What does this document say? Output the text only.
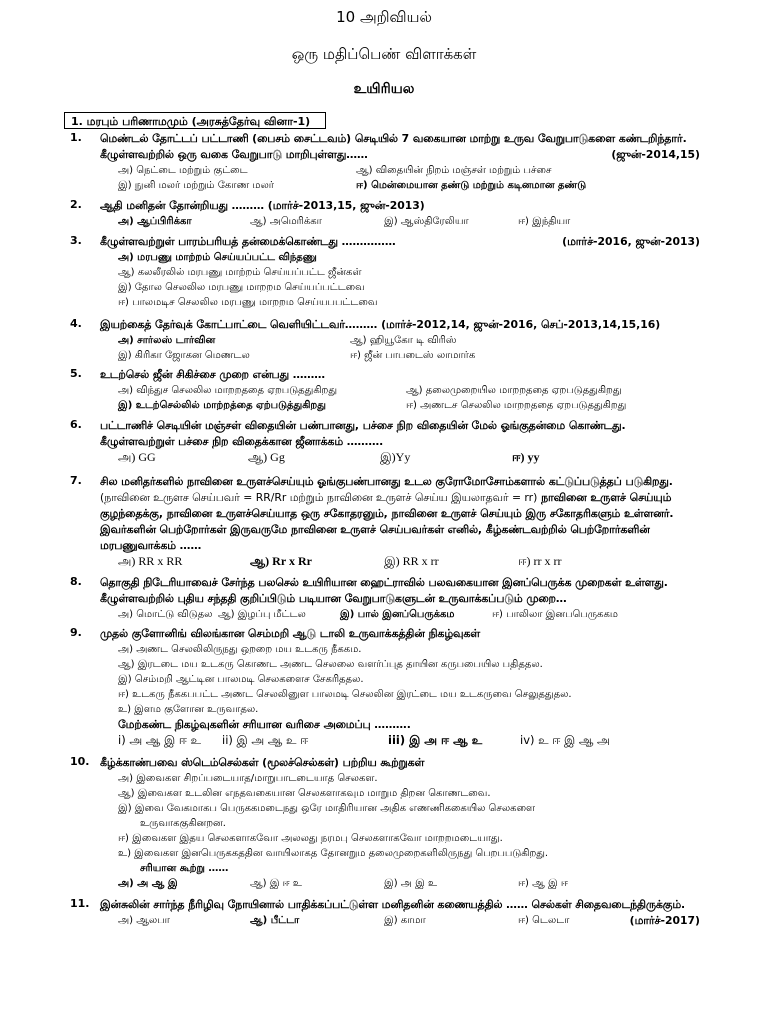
10 அறிவியல்
ஒரு மதிப்பெண் விளாக்கள்
உயிரியல
1. மரபும் பரிணாமமும் (அரசுத்தேர்வு வினா-1)
1. மெண்டல் தோட்டப் பட்டாணி (பைசம் சைட்டவம்) செடியில் 7 வகையான மாற்று உருவ வேறுபாடுகளை கண்டறிந்தார். கீழுள்ளவற்றில் ஒரு வகை வேறுபாடு மாறிபுள்ளது……	(ஜுன்-2014,15)
அ) நெட்டை மற்றும் குட்டை	ஆ) விதையின் நிறம் மஞ்சள் மற்றும் பச்சை
இ) நுனி மலர் மற்றும் கோண மலர்	ஈ) மென்மையான தண்டு மற்றும் கடினமான தண்டு
2. ஆதி மனிதன் தோன்றியது ……… (மார்ச்-2013,15, ஜுன்-2013)
அ) ஆப்பிரிக்கா	ஆ) அமெரிக்கா	இ) ஆஸ்திரேலியா	ஈ) இந்தியா
3. கீழுள்ளவற்றுள் பாரம்பரியத் தன்மைக்கொண்டது ……………	(மார்ச்-2016, ஜுன்-2013)
அ) மரபணு மாற்றம் செய்யப்பட்ட விந்தணு
ஆ) கலலீரலில் மரபணு மாற்றம் செய்யப்பட்ட ஜீன்கள்
இ) தோல செலலில மரபணு மாறறம செய்யப்பட்டவை
ஈ) பாலமடிச செலலில மரபணு மாறறம செய்யபபட்டவை
4. இயற்கைத் தேர்வுக் கோட்பாட்டை வெளியிட்டவர்……… (மார்ச்-2012,14, ஜுன்-2016, செப்-2013,14,15,16)
அ) சார்லஸ் டார்வின	ஆ) ஹியூகோ டி விரிஸ்
இ) கிரிகா ஜோகன மெணடல	ஈ) ஜீன் பாபடைஸ் லாமார்க
5. உடற்செல் ஜீன் சிகிச்சை முறை என்பது ………
அ) விந்துச செலலில மாறறததை ஏறபடுததுகிறது	ஆ) தலைமுறையில மாறறததை ஏறபடுததுகிறது
இ) உடற்செல்லில் மாற்றத்தை ஏற்படுத்துகிறது	ஈ) அணடச செலலில மாறறததை ஏறபடுததுகிறது
6. பட்டாணிச் செடியின் மஞ்சள் விதையின் பண்பானது, பச்சை நிற விதையின் மேல் ஓங்குதன்மை கொண்டது. கீழுள்ளவற்றுள் பச்சை நிற விதைக்கான ஜீனாக்கம் ……….
அ) GG	ஆ) Gg	இ)Yy	ஈ) yy
7. சில மனிதர்களில் நாவினை உருளச்செய்யும் ஓங்குபண்பானது உடல குரோமோசோம்களால் கட்டுப்படுத்தப் படுகிறது. (நாவினை உருளச செய்பவர் = RR/Rr மற்றும் நாவினை உருளச் செய்ய இயலாதவர் = rr) நாவினை உருளச் செய்யும் குழந்தைக்கு, நாவினை உருளச்செய்யாத ஒரு சகோதரனும், நாவினை உருளச் செய்யும் இரு சகோதரிகளும் உள்ளனர். இவர்களின் பெற்றோர்கள் இருவருமே நாவினை உருளச் செய்பவர்கள் எனில், கீழ்கண்டவற்றில் பெற்றோர்களின் மரபணுவாக்கம் ……
அ) RR x RR	ஆ) Rr x Rr	இ) RR x rr	ஈ) rr x rr
8. தொகுதி நிடேரியாவைச் சேர்ந்த பலசெல் உயிரியான ஹைட்ராவில் பலவகையான இனப்பெருக்க முறைகள் உள்ளது. கீழுள்ளவற்றில் புதிய சந்ததி குறிப்பிடும் படியான வேறுபாடுகளுடன் உருவாக்கப்படும் முறை…
அ) மொட்டு விடுதல ஆ) இழப்பு மீட்டல	இ) பால் இனப்பெருக்கம	ஈ) பாலிலா இனபபெருககம
9. முதல் குளோனிங் விலங்கான செம்மறி ஆடு டாலி உருவாக்கத்தின் நிகழ்வுகள்
அ) அணட செலலிலிருநது ஒறறை மய உடகரு நீககம.
ஆ) இரடடை மய உடகரு கொணட அணட செலலை வளர்ப்புத தாயின கருபபையில பதிததல.
இ) செம்மறி ஆட்டின பாலமடி செலகளைச சேகரிததல.
ஈ) உடகரு நீககபபட்ட அணட செலலினுள பாலமடி செலலின இரட்டை மய உடகருவை செலுததுதல.
உ) இளம குளோன உருவாதல.
மேற்கண்ட நிகழ்வுகளின் சரியான வரிசை அமைப்பு ……….
i) அ ஆ இ ஈ உ ii) இ அ ஆ உ ஈ	iii) இ அ ஈ ஆ உ	iv) உ ஈ இ ஆ அ
10. கீழ்க்காண்பவை ஸ்டெம்செல்கள் (மூலச்செல்கள்) பற்றிய கூற்றுகள்
அ) இவைகள சிறப்படையாத/மாறுபாடடையாத செலகள.
ஆ) இவைகள உடலின எநதவகையான செலகளாகவும மாறும திறன கொணடவை.
இ) இவை வேகமாகப பெருககமடைநது ஒரே மாதிரியான அதிக எணணிககையில செலகளை
உருவாககுகினறன.
ஈ) இவைகள இதய செலகளாகவோ அலலது நரமபு செலகளாகவோ மாறறமடையாது.
உ) இவைகள இனபெருககததின வாயிலாகத தோனறும தலைமுறைகளிலிருநது பெறபபடுகிறது.
சரியான கூற்று ……
அ) அ ஆ இ	ஆ) இ ஈ உ	இ) அ இ உ	ஈ) ஆ இ ஈ
11. இன்சுலின் சார்ந்த நீரிழிவு நோயினால் பாதிக்கப்பட்டுள்ள மனிதனின் கணையத்தில் …… செல்கள் சிதைவடைந்திருக்கும்.
(மார்ச்-2017)
அ) ஆலபா	ஆ) பீட்டா	இ) காமா	ஈ) டெலடா
